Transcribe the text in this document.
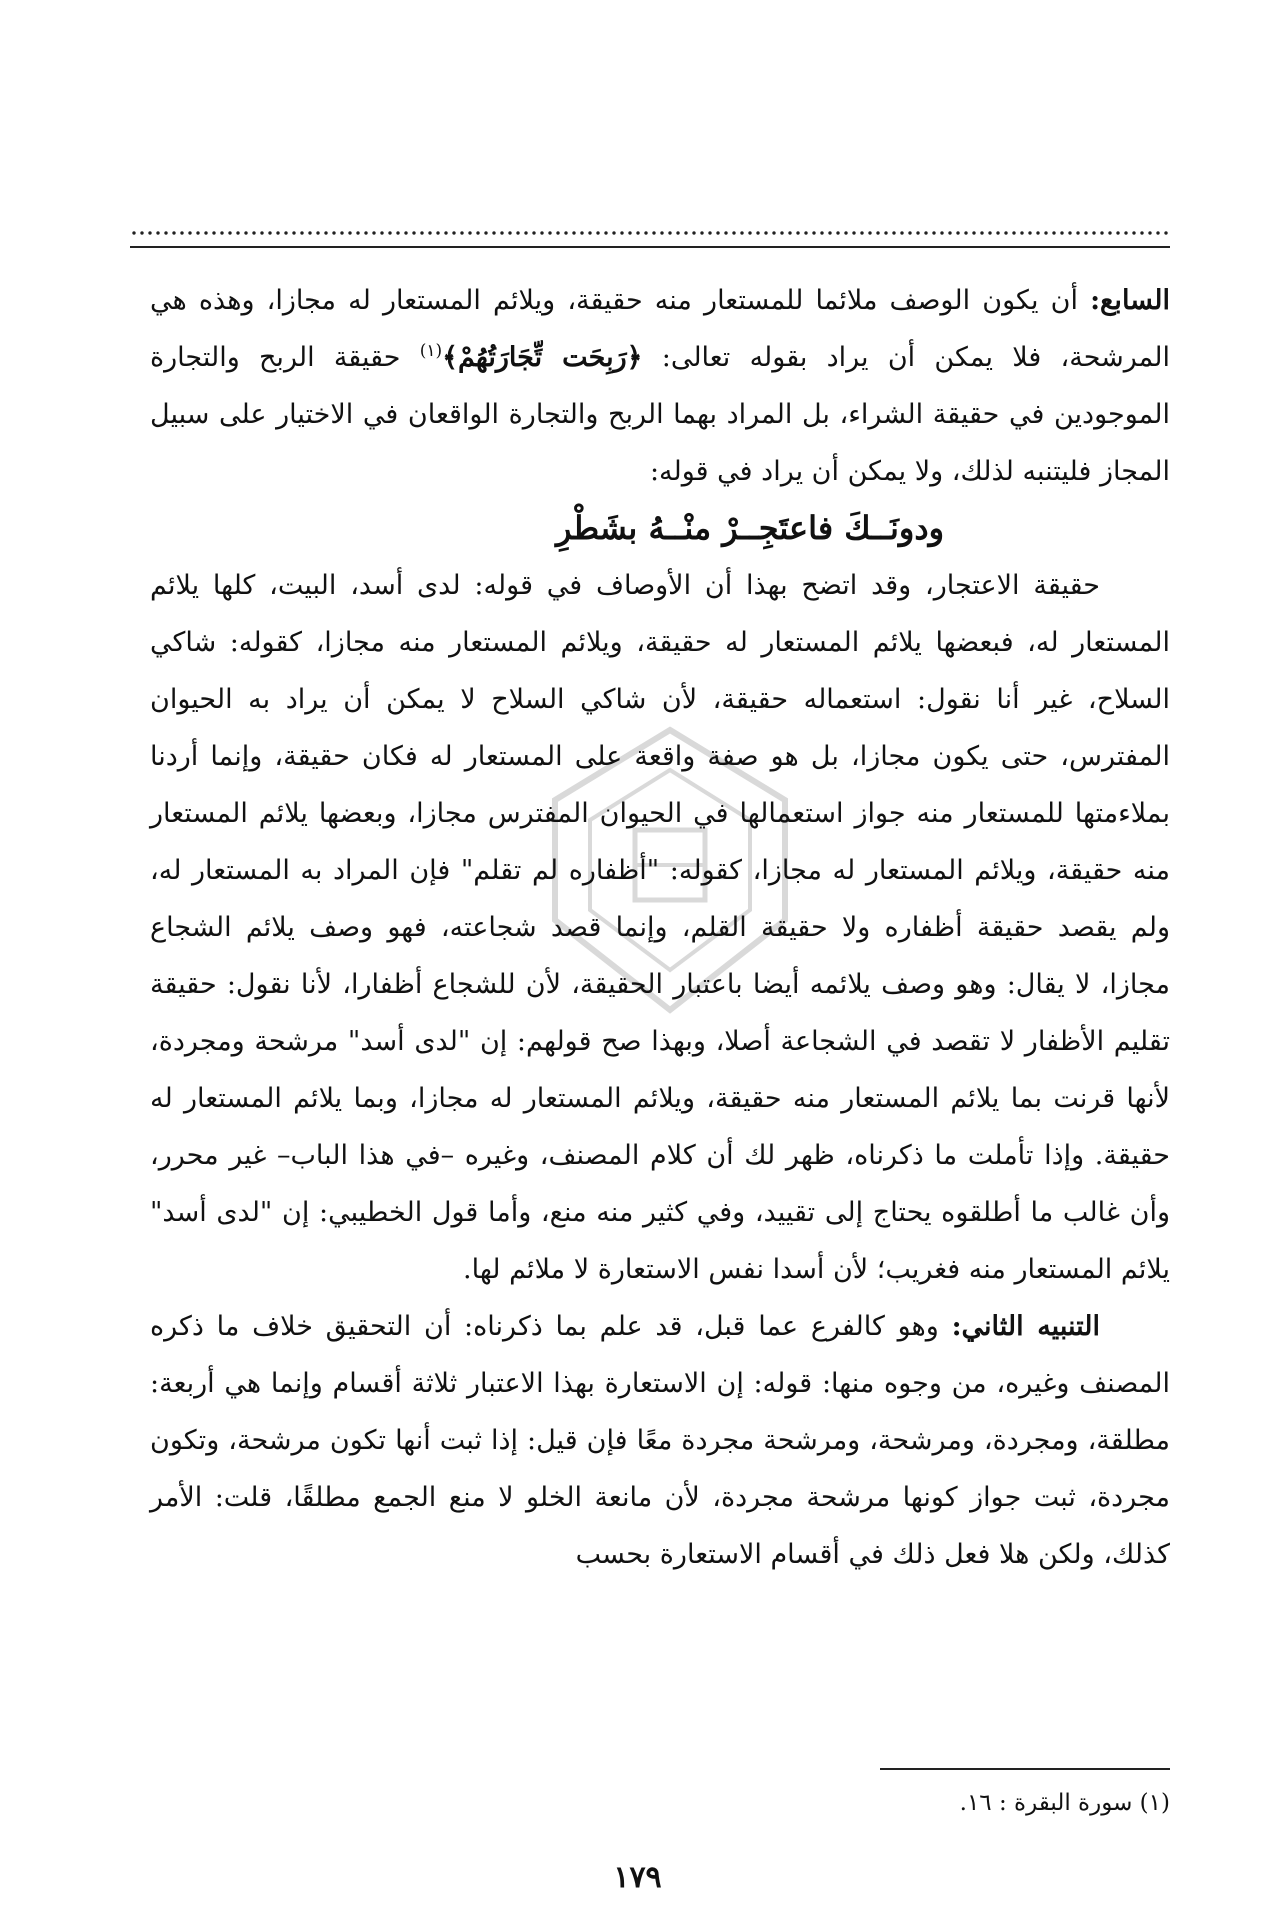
السابع: أن يكون الوصف ملائما للمستعار منه حقيقة، ويلائم المستعار له مجازا، وهذه هي المرشحة، فلا يمكن أن يراد بقوله تعالى: ﴿رَبِحَت تِّجَارَتُهُمْ﴾$^{(١)}$ حقيقة الربح والتجارة الموجودين في حقيقة الشراء، بل المراد بهما الربح والتجارة الواقعان في الاختيار على سبيل المجاز فليتنبه لذلك، ولا يمكن أن يراد في قوله:

ودونَــكَ فاعتَجِــرْ منْــهُ بشَطْرِ

حقيقة الاعتجار، وقد اتضح بهذا أن الأوصاف في قوله: لدى أسد، البيت، كلها يلائم المستعار له، فبعضها يلائم المستعار له حقيقة، ويلائم المستعار منه مجازا، كقوله: شاكي السلاح، غير أنا نقول: استعماله حقيقة، لأن شاكي السلاح لا يمكن أن يراد به الحيوان المفترس، حتى يكون مجازا، بل هو صفة واقعة على المستعار له فكان حقيقة، وإنما أردنا بملاءمتها للمستعار منه جواز استعمالها في الحيوان المفترس مجازا، وبعضها يلائم المستعار منه حقيقة، ويلائم المستعار له مجازا، كقوله: "أظفاره لم تقلم" فإن المراد به المستعار له، ولم يقصد حقيقة أظفاره ولا حقيقة القلم، وإنما قصد شجاعته، فهو وصف يلائم الشجاع مجازا، لا يقال: وهو وصف يلائمه أيضا باعتبار الحقيقة، لأن للشجاع أظفارا، لأنا نقول: حقيقة تقليم الأظفار لا تقصد في الشجاعة أصلا، وبهذا صح قولهم: إن "لدى أسد" مرشحة ومجردة، لأنها قرنت بما يلائم المستعار منه حقيقة، ويلائم المستعار له مجازا، وبما يلائم المستعار له حقيقة. وإذا تأملت ما ذكرناه، ظهر لك أن كلام المصنف، وغيره –في هذا الباب– غير محرر، وأن غالب ما أطلقوه يحتاج إلى تقييد، وفي كثير منه منع، وأما قول الخطيبي: إن "لدى أسد" يلائم المستعار منه فغريب؛ لأن أسدا نفس الاستعارة لا ملائم لها.

التنبيه الثاني: وهو كالفرع عما قبل، قد علم بما ذكرناه: أن التحقيق خلاف ما ذكره المصنف وغيره، من وجوه منها: قوله: إن الاستعارة بهذا الاعتبار ثلاثة أقسام وإنما هي أربعة: مطلقة، ومجردة، ومرشحة، ومرشحة مجردة معًا فإن قيل: إذا ثبت أنها تكون مرشحة، وتكون مجردة، ثبت جواز كونها مرشحة مجردة، لأن مانعة الخلو لا منع الجمع مطلقًا، قلت: الأمر كذلك، ولكن هلا فعل ذلك في أقسام الاستعارة بحسب

(١) سورة البقرة : ١٦.
١٧٩
